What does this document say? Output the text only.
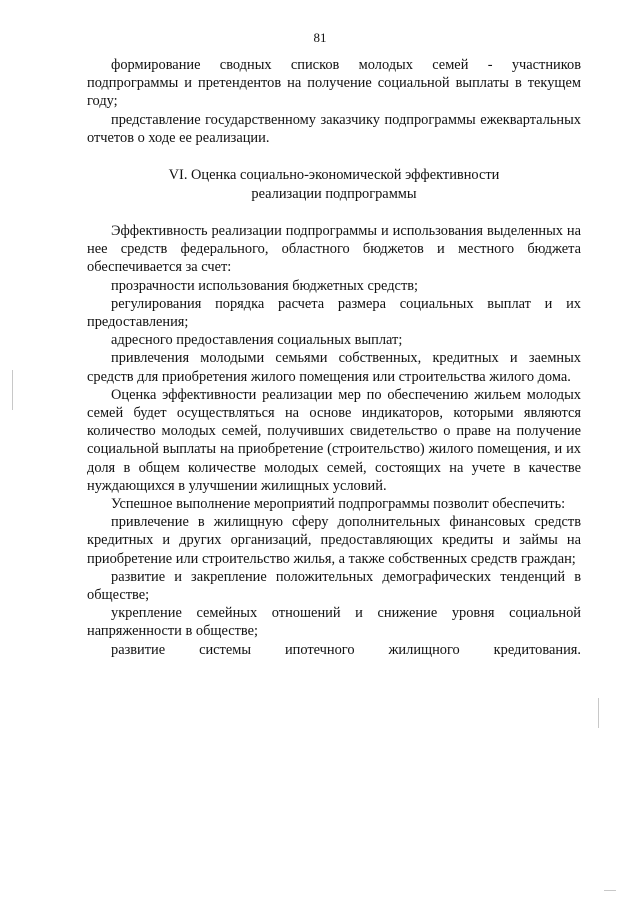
81

формирование сводных списков молодых семей - участников подпрограммы и претендентов на получение социальной выплаты в текущем году;

представление государственному заказчику подпрограммы ежеквартальных отчетов о ходе ее реализации.

VI. Оценка социально-экономической эффективности
реализации подпрограммы

Эффективность реализации подпрограммы и использования выделенных на нее средств федерального, областного бюджетов и местного бюджета обеспечивается за счет:

прозрачности использования бюджетных средств;

регулирования порядка расчета размера социальных выплат и их предоставления;

адресного предоставления социальных выплат;

привлечения молодыми семьями собственных, кредитных и заемных средств для приобретения жилого помещения или строительства жилого дома.

Оценка эффективности реализации мер по обеспечению жильем молодых семей будет осуществляться на основе индикаторов, которыми являются количество молодых семей, получивших свидетельство о праве на получение социальной выплаты на приобретение (строительство) жилого помещения, и их доля в общем количестве молодых семей, состоящих на учете в качестве нуждающихся в улучшении жилищных условий.

Успешное выполнение мероприятий подпрограммы позволит обеспечить:

привлечение в жилищную сферу дополнительных финансовых средств кредитных и других организаций, предоставляющих кредиты и займы на приобретение или строительство жилья, а также собственных средств граждан;

развитие и закрепление положительных демографических тенденций в обществе;

укрепление семейных отношений и снижение уровня социальной напряженности в обществе;

развитие системы ипотечного жилищного кредитования.
